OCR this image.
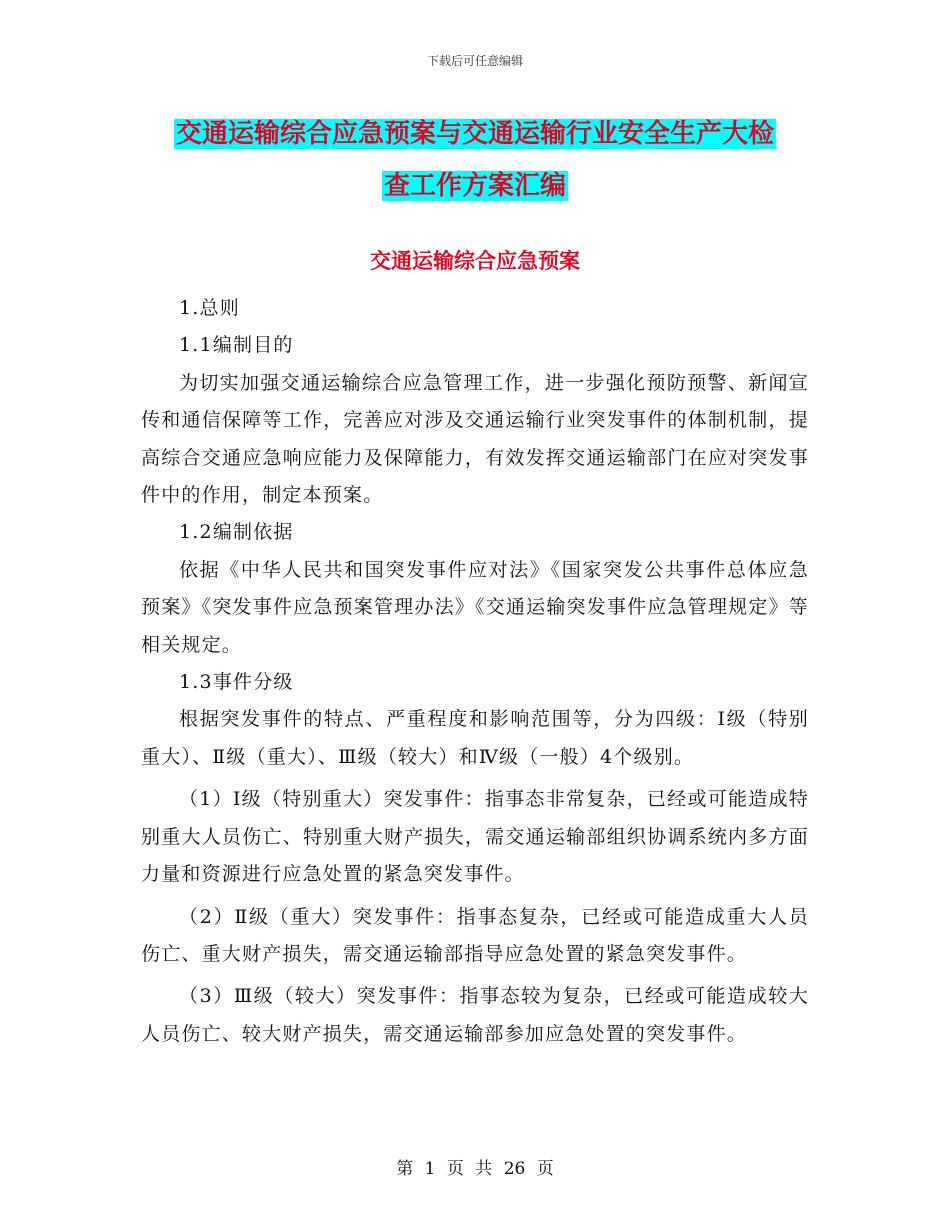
下载后可任意编辑
交通运输综合应急预案与交通运输行业安全生产大检
查工作方案汇编
交通运输综合应急预案

1.总则

1.1编制目的

为切实加强交通运输综合应急管理工作，进一步强化预防预警、新闻宣传和通信保障等工作，完善应对涉及交通运输行业突发事件的体制机制，提高综合交通应急响应能力及保障能力，有效发挥交通运输部门在应对突发事件中的作用，制定本预案。

1.2编制依据

依据《中华人民共和国突发事件应对法》《国家突发公共事件总体应急预案》《突发事件应急预案管理办法》《交通运输突发事件应急管理规定》等相关规定。

1.3事件分级

根据突发事件的特点、严重程度和影响范围等，分为四级：Ⅰ级（特别重大）、Ⅱ级（重大）、Ⅲ级（较大）和Ⅳ级（一般）4个级别。

（1）Ⅰ级（特别重大）突发事件：指事态非常复杂，已经或可能造成特别重大人员伤亡、特别重大财产损失，需交通运输部组织协调系统内多方面力量和资源进行应急处置的紧急突发事件。

（2）Ⅱ级（重大）突发事件：指事态复杂，已经或可能造成重大人员伤亡、重大财产损失，需交通运输部指导应急处置的紧急突发事件。

（3）Ⅲ级（较大）突发事件：指事态较为复杂，已经或可能造成较大人员伤亡、较大财产损失，需交通运输部参加应急处置的突发事件。

第 1 页 共 26 页
